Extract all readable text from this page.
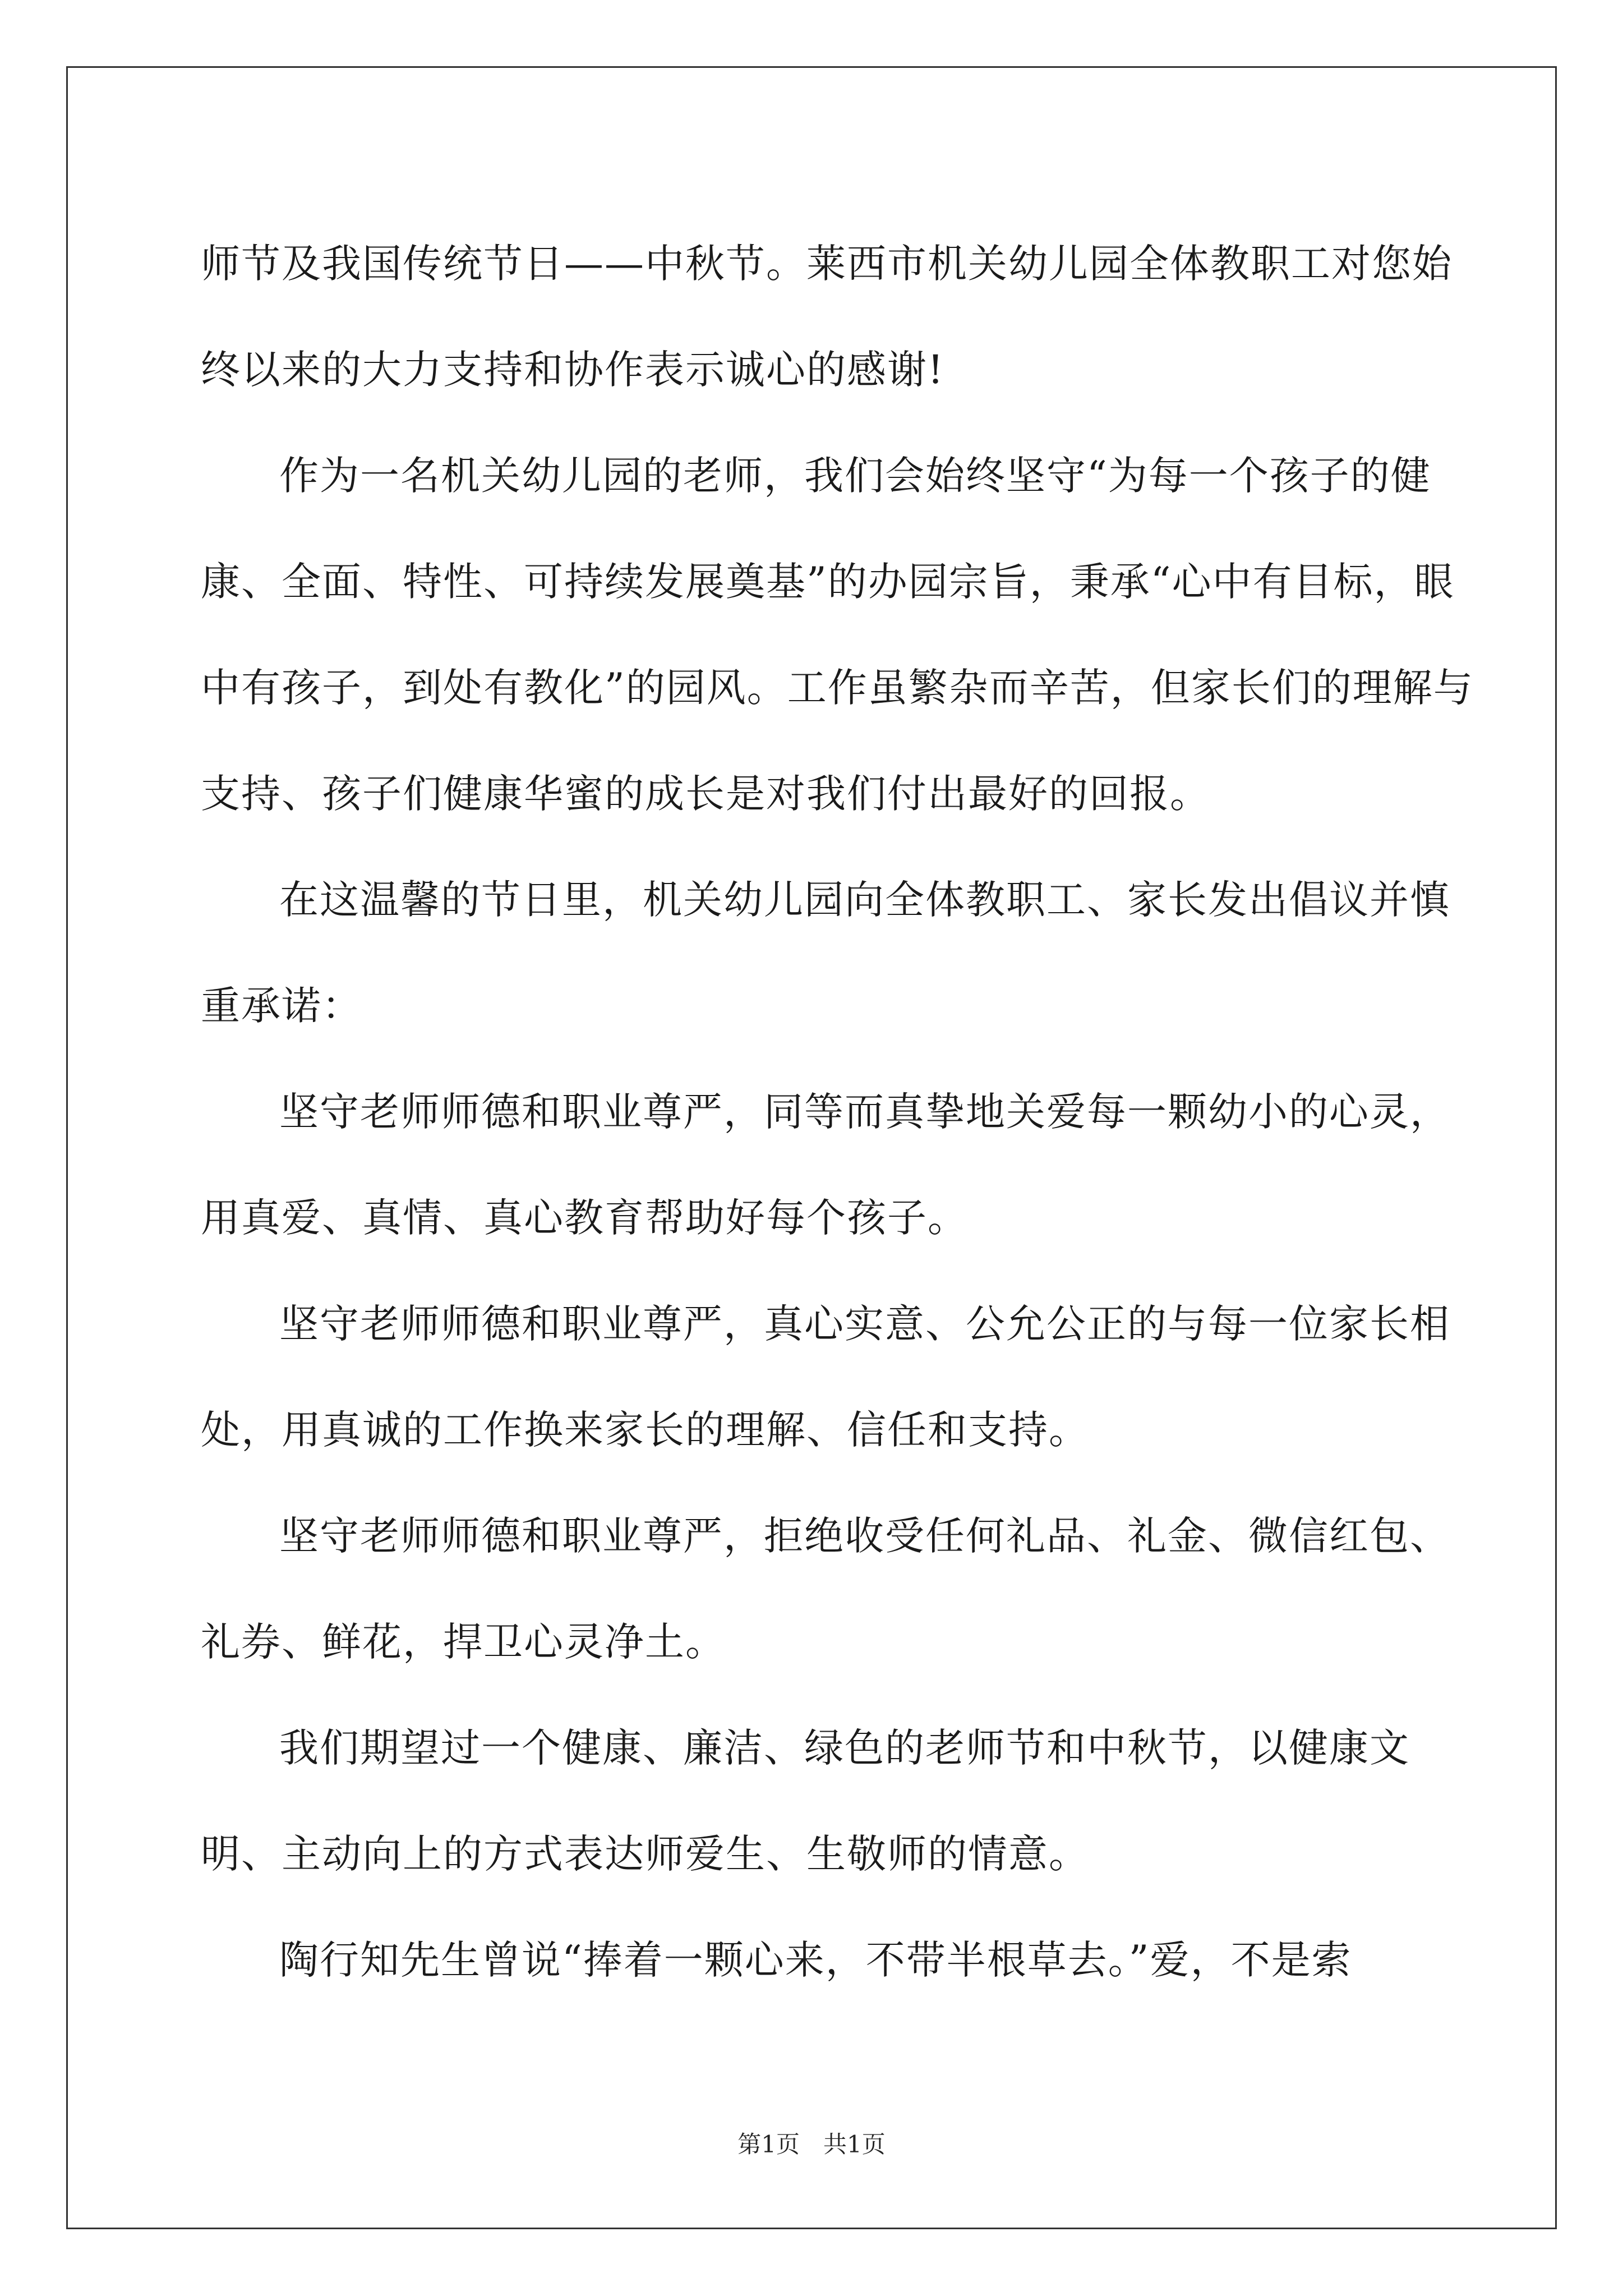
师节及我国传统节日——中秋节。莱西市机关幼儿园全体教职工对您始终以来的大力支持和协作表示诚心的感谢!

作为一名机关幼儿园的老师，我们会始终坚守“为每一个孩子的健康、全面、特性、可持续发展奠基”的办园宗旨，秉承“心中有目标，眼中有孩子，到处有教化”的园风。工作虽繁杂而辛苦，但家长们的理解与支持、孩子们健康华蜜的成长是对我们付出最好的回报。

在这温馨的节日里，机关幼儿园向全体教职工、家长发出倡议并慎重承诺：

坚守老师师德和职业尊严，同等而真挚地关爱每一颗幼小的心灵，用真爱、真情、真心教育帮助好每个孩子。

坚守老师师德和职业尊严，真心实意、公允公正的与每一位家长相处，用真诚的工作换来家长的理解、信任和支持。

坚守老师师德和职业尊严，拒绝收受任何礼品、礼金、微信红包、礼券、鲜花，捍卫心灵净土。

我们期望过一个健康、廉洁、绿色的老师节和中秋节，以健康文明、主动向上的方式表达师爱生、生敬师的情意。

陶行知先生曾说“捧着一颗心来，不带半根草去。”爱，不是索

第1页　共1页
